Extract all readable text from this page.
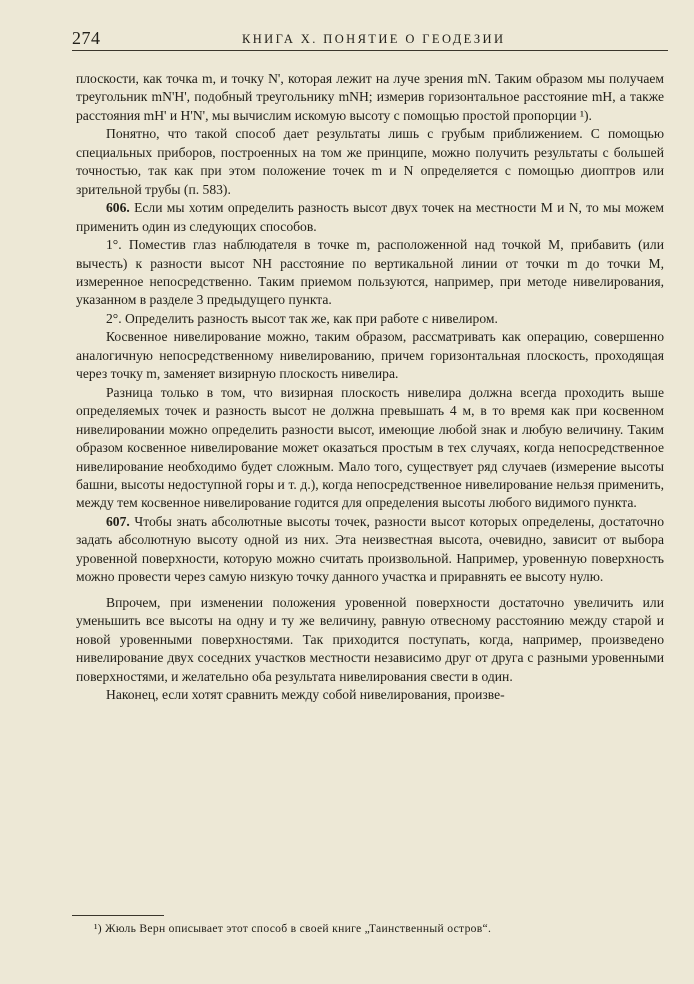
274	КНИГА X. ПОНЯТИЕ О ГЕОДЕЗИИ

плоскости, как точка m, и точку N', которая лежит на луче зрения mN. Таким образом мы получаем треугольник mN'H', подобный треугольнику mNH; измерив горизонтальное расстояние mH, а также расстояния mH' и H'N', мы вычислим искомую высоту с помощью простой пропорции ¹).

Понятно, что такой способ дает результаты лишь с грубым приближением. С помощью специальных приборов, построенных на том же принципе, можно получить результаты с большей точностью, так как при этом положение точек m и N определяется с помощью диоптров или зрительной трубы (п. 583).

606. Если мы хотим определить разность высот двух точек на местности M и N, то мы можем применить один из следующих способов.

1°. Поместив глаз наблюдателя в точке m, расположенной над точкой M, прибавить (или вычесть) к разности высот NH расстояние по вертикальной линии от точки m до точки M, измеренное непосредственно. Таким приемом пользуются, например, при методе нивелирования, указанном в разделе 3 предыдущего пункта.

2°. Определить разность высот так же, как при работе с нивелиром.

Косвенное нивелирование можно, таким образом, рассматривать как операцию, совершенно аналогичную непосредственному нивелированию, причем горизонтальная плоскость, проходящая через точку m, заменяет визирную плоскость нивелира.

Разница только в том, что визирная плоскость нивелира должна всегда проходить выше определяемых точек и разность высот не должна превышать 4 м, в то время как при косвенном нивелировании можно определить разности высот, имеющие любой знак и любую величину. Таким образом косвенное нивелирование может оказаться простым в тех случаях, когда непосредственное нивелирование необходимо будет сложным. Мало того, существует ряд случаев (измерение высоты башни, высоты недоступной горы и т. д.), когда непосредственное нивелирование нельзя применить, между тем косвенное нивелирование годится для определения высоты любого видимого пункта.

607. Чтобы знать абсолютные высоты точек, разности высот которых определены, достаточно задать абсолютную высоту одной из них. Эта неизвестная высота, очевидно, зависит от выбора уровенной поверхности, которую можно считать произвольной. Например, уровенную поверхность можно провести через самую низкую точку данного участка и приравнять ее высоту нулю.

Впрочем, при изменении положения уровенной поверхности достаточно увеличить или уменьшить все высоты на одну и ту же величину, равную отвесному расстоянию между старой и новой уровенными поверхностями. Так приходится поступать, когда, например, произведено нивелирование двух соседних участков местности независимо друг от друга с разными уровенными поверхностями, и желательно оба результата нивелирования свести в один.

Наконец, если хотят сравнить между собой нивелирования, произве-

¹) Жюль Верн описывает этот способ в своей книге „Таинственный остров“.
